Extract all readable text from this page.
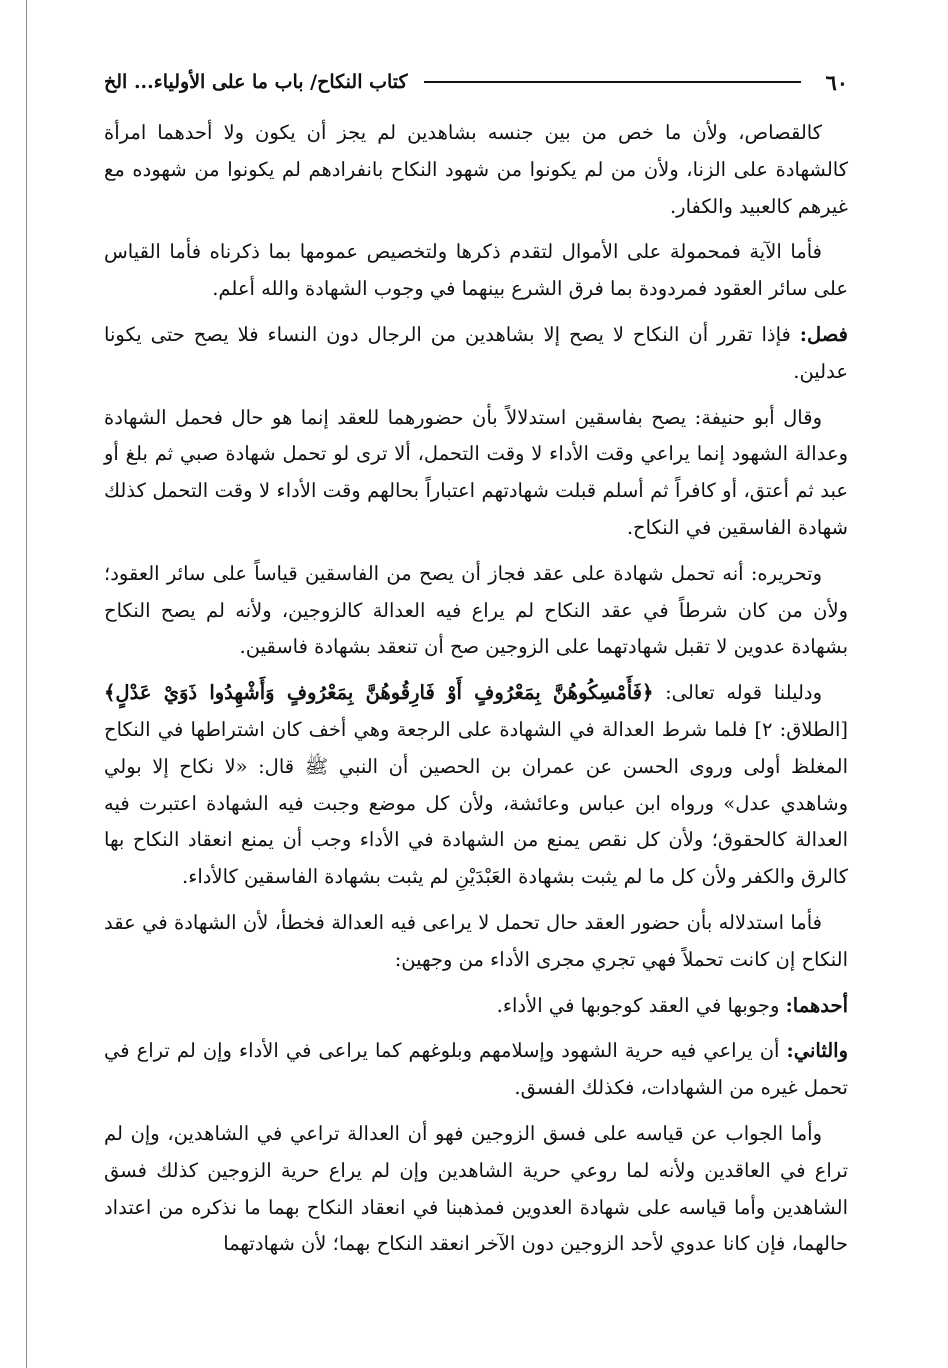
٦٠
كتاب النكاح/ باب ما على الأولياء... الخ

كالقصاص، ولأن ما خص من بين جنسه بشاهدين لم يجز أن يكون ولا أحدهما امرأة كالشهادة على الزنا، ولأن من لم يكونوا من شهود النكاح بانفرادهم لم يكونوا من شهوده مع غيرهم كالعبيد والكفار.

فأما الآية فمحمولة على الأموال لتقدم ذكرها ولتخصيص عمومها بما ذكرناه فأما القياس على سائر العقود فمردودة بما فرق الشرع بينهما في وجوب الشهادة والله أعلم.

فصل: فإذا تقرر أن النكاح لا يصح إلا بشاهدين من الرجال دون النساء فلا يصح حتى يكونا عدلين.

وقال أبو حنيفة: يصح بفاسقين استدلالاً بأن حضورهما للعقد إنما هو حال فحمل الشهادة وعدالة الشهود إنما يراعي وقت الأداء لا وقت التحمل، ألا ترى لو تحمل شهادة صبي ثم بلغ أو عبد ثم أعتق، أو كافراً ثم أسلم قبلت شهادتهم اعتباراً بحالهم وقت الأداء لا وقت التحمل كذلك شهادة الفاسقين في النكاح.

وتحريره: أنه تحمل شهادة على عقد فجاز أن يصح من الفاسقين قياساً على سائر العقود؛ ولأن من كان شرطاً في عقد النكاح لم يراع فيه العدالة كالزوجين، ولأنه لم يصح النكاح بشهادة عدوين لا تقبل شهادتهما على الزوجين صح أن تنعقد بشهادة فاسقين.

ودليلنا قوله تعالى: ﴿فَأَمْسِكُوهُنَّ بِمَعْرُوفٍ أَوْ فَارِقُوهُنَّ بِمَعْرُوفٍ وَأَشْهِدُوا ذَوَيْ عَدْلٍ﴾ [الطلاق: ٢] فلما شرط العدالة في الشهادة على الرجعة وهي أخف كان اشتراطها في النكاح المغلظ أولى وروى الحسن عن عمران بن الحصين أن النبي ﷺ قال: «لا نكاح إلا بولي وشاهدي عدل» ورواه ابن عباس وعائشة، ولأن كل موضع وجبت فيه الشهادة اعتبرت فيه العدالة كالحقوق؛ ولأن كل نقص يمنع من الشهادة في الأداء وجب أن يمنع انعقاد النكاح بها كالرق والكفر ولأن كل ما لم يثبت بشهادة العَبْدَيْنِ لم يثبت بشهادة الفاسقين كالأداء.

فأما استدلاله بأن حضور العقد حال تحمل لا يراعى فيه العدالة فخطأ، لأن الشهادة في عقد النكاح إن كانت تحملاً فهي تجري مجرى الأداء من وجهين:

أحدهما: وجوبها في العقد كوجوبها في الأداء.

والثاني: أن يراعي فيه حرية الشهود وإسلامهم وبلوغهم كما يراعى في الأداء وإن لم تراع في تحمل غيره من الشهادات، فكذلك الفسق.

وأما الجواب عن قياسه على فسق الزوجين فهو أن العدالة تراعي في الشاهدين، وإن لم تراع في العاقدين ولأنه لما روعي حرية الشاهدين وإن لم يراع حرية الزوجين كذلك فسق الشاهدين وأما قياسه على شهادة العدوين فمذهبنا في انعقاد النكاح بهما ما نذكره من اعتداد حالهما، فإن كانا عدوي لأحد الزوجين دون الآخر انعقد النكاح بهما؛ لأن شهادتهما
